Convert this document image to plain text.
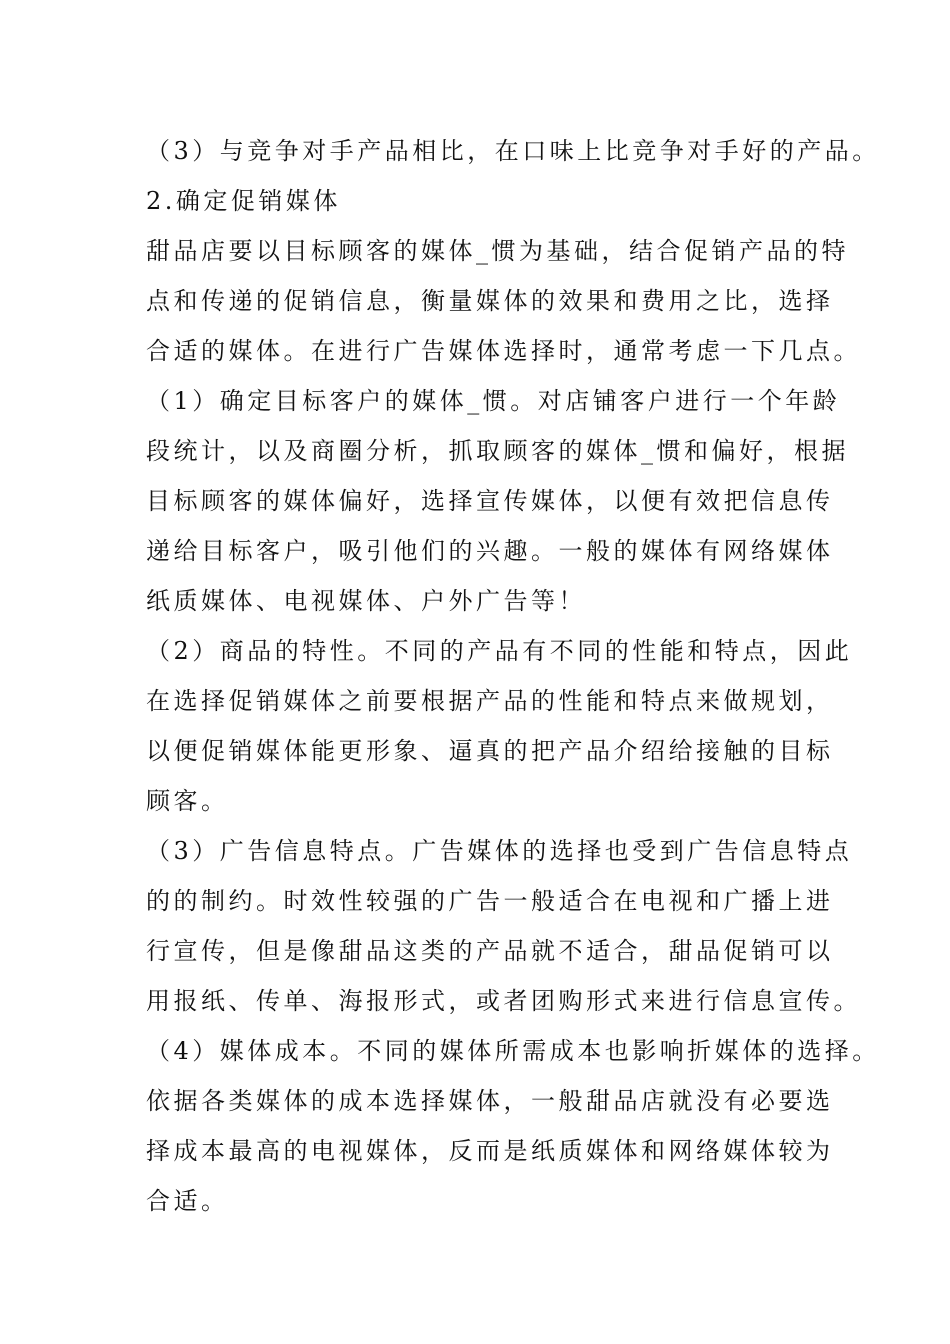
（3）与竞争对手产品相比，在口味上比竞争对手好的产品。
2.确定促销媒体
甜品店要以目标顾客的媒体_惯为基础，结合促销产品的特
点和传递的促销信息，衡量媒体的效果和费用之比，选择
合适的媒体。在进行广告媒体选择时，通常考虑一下几点。
（1）确定目标客户的媒体_惯。对店铺客户进行一个年龄
段统计，以及商圈分析，抓取顾客的媒体_惯和偏好，根据
目标顾客的媒体偏好，选择宣传媒体，以便有效把信息传
递给目标客户，吸引他们的兴趣。一般的媒体有网络媒体
纸质媒体、电视媒体、户外广告等！
（2）商品的特性。不同的产品有不同的性能和特点，因此
在选择促销媒体之前要根据产品的性能和特点来做规划，
以便促销媒体能更形象、逼真的把产品介绍给接触的目标
顾客。
（3）广告信息特点。广告媒体的选择也受到广告信息特点
的的制约。时效性较强的广告一般适合在电视和广播上进
行宣传，但是像甜品这类的产品就不适合，甜品促销可以
用报纸、传单、海报形式，或者团购形式来进行信息宣传。
（4）媒体成本。不同的媒体所需成本也影响折媒体的选择。
依据各类媒体的成本选择媒体，一般甜品店就没有必要选
择成本最高的电视媒体，反而是纸质媒体和网络媒体较为
合适。
